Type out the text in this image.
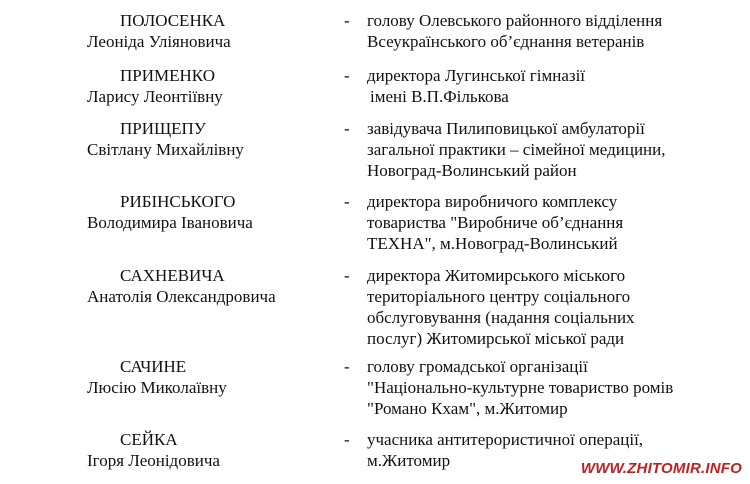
ПОЛОСЕНКА
Леоніда Уліяновича
- голову Олевського районного відділення
Всеукраїнського об’єднання ветеранів
ПРИМЕНКО
Ларису Леонтіївну
- директора Лугинської гімназії
імені В.П.Фількова
ПРИЩЕПУ
Світлану Михайлівну
- завідувача Пилиповицької амбулаторії
загальної практики – сімейної медицини,
Новоград-Волинський район
РИБІНСЬКОГО
Володимира Івановича
- директора виробничого комплексу
товариства "Виробниче об’єднання
ТЕХНА", м.Новоград-Волинський
САХНЕВИЧА
Анатолія Олександровича
- директора Житомирського міського
територіального центру соціального
обслуговування (надання соціальних
послуг) Житомирської міської ради
САЧИНЕ
Люсію Миколаївну
- голову громадської організації
"Національно-культурне товариство ромів
"Романо Кхам", м.Житомир
СЕЙКА
Ігоря Леонідовича
- учасника антитерористичної операції,
м.Житомир	WWW.ZHITOMIR.INFO
